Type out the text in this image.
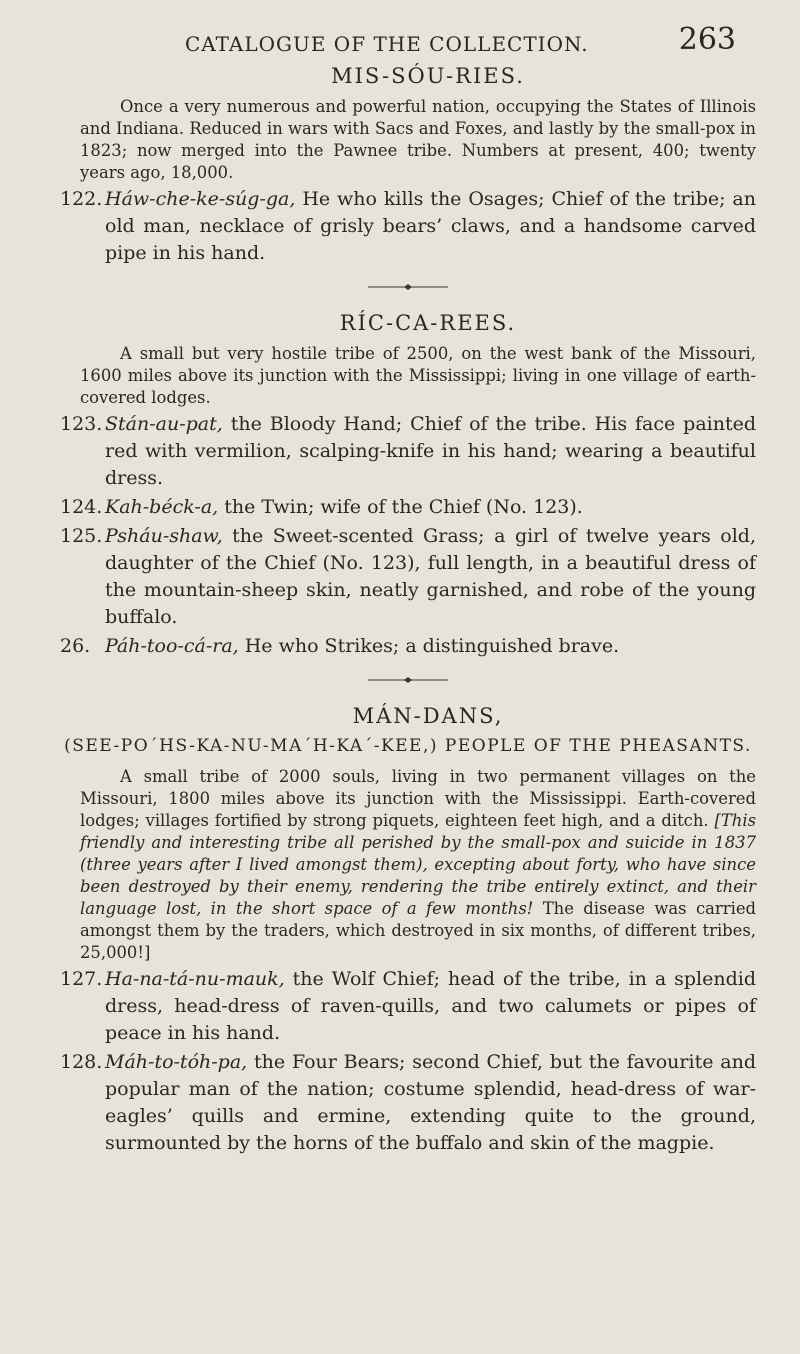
CATALOGUE OF THE COLLECTION.	263
MIS-SÓU-RIES.

Once a very numerous and powerful nation, occupying the States of Illinois and Indiana. Reduced in wars with Sacs and Foxes, and lastly by the small-pox in 1823; now merged into the Pawnee tribe. Numbers at present, 400; twenty years ago, 18,000.

122. Háw-che-ke-súg-ga, He who kills the Osages; Chief of the tribe; an old man, necklace of grisly bears’ claws, and a handsome carved pipe in his hand.
RÍC-CA-REES.

A small but very hostile tribe of 2500, on the west bank of the Missouri, 1600 miles above its junction with the Mississippi; living in one village of earth-covered lodges.

123. Stán-au-pat, the Bloody Hand; Chief of the tribe. His face painted red with vermilion, scalping-knife in his hand; wearing a beautiful dress.
124. Kah-béck-a, the Twin; wife of the Chief (No. 123).
125. Psháu-shaw, the Sweet-scented Grass; a girl of twelve years old, daughter of the Chief (No. 123), full length, in a beautiful dress of the mountain-sheep skin, neatly garnished, and robe of the young buffalo.
26. Páh-too-cá-ra, He who Strikes; a distinguished brave.
MÁN-DANS,
(SEE-PO´HS-KA-NU-MA´H-KA´-KEE,) PEOPLE OF THE PHEASANTS.

A small tribe of 2000 souls, living in two permanent villages on the Missouri, 1800 miles above its junction with the Mississippi. Earth-covered lodges; villages fortified by strong piquets, eighteen feet high, and a ditch. [This friendly and interesting tribe all perished by the small-pox and suicide in 1837 (three years after I lived amongst them), excepting about forty, who have since been destroyed by their enemy, rendering the tribe entirely extinct, and their language lost, in the short space of a few months! The disease was carried amongst them by the traders, which destroyed in six months, of different tribes, 25,000!]

127. Ha-na-tá-nu-mauk, the Wolf Chief; head of the tribe, in a splendid dress, head-dress of raven-quills, and two calumets or pipes of peace in his hand.
128. Máh-to-tóh-pa, the Four Bears; second Chief, but the favourite and popular man of the nation; costume splendid, head-dress of war-eagles’ quills and ermine, extending quite to the ground, surmounted by the horns of the buffalo and skin of the magpie.
